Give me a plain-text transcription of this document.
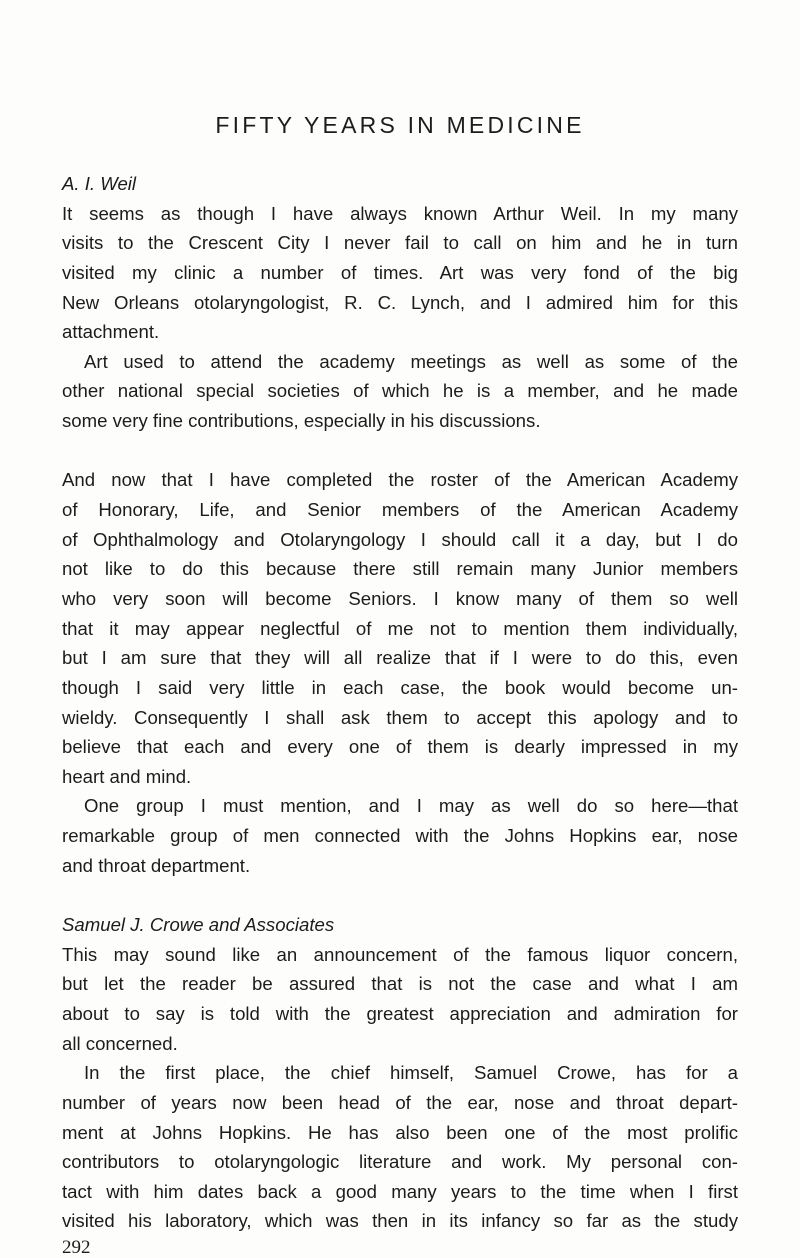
FIFTY YEARS IN MEDICINE
A. I. Weil
It seems as though I have always known Arthur Weil. In my many
visits to the Crescent City I never fail to call on him and he in turn
visited my clinic a number of times. Art was very fond of the big
New Orleans otolaryngologist, R. C. Lynch, and I admired him for this
attachment.
Art used to attend the academy meetings as well as some of the
other national special societies of which he is a member, and he made
some very fine contributions, especially in his discussions.
And now that I have completed the roster of the American Academy
of Honorary, Life, and Senior members of the American Academy
of Ophthalmology and Otolaryngology I should call it a day, but I do
not like to do this because there still remain many Junior members
who very soon will become Seniors. I know many of them so well
that it may appear neglectful of me not to mention them individually,
but I am sure that they will all realize that if I were to do this, even
though I said very little in each case, the book would become un-
wieldy. Consequently I shall ask them to accept this apology and to
believe that each and every one of them is dearly impressed in my
heart and mind.
One group I must mention, and I may as well do so here—that
remarkable group of men connected with the Johns Hopkins ear, nose
and throat department.
Samuel J. Crowe and Associates
This may sound like an announcement of the famous liquor concern,
but let the reader be assured that is not the case and what I am
about to say is told with the greatest appreciation and admiration for
all concerned.
In the first place, the chief himself, Samuel Crowe, has for a
number of years now been head of the ear, nose and throat depart-
ment at Johns Hopkins. He has also been one of the most prolific
contributors to otolaryngologic literature and work. My personal con-
tact with him dates back a good many years to the time when I first
visited his laboratory, which was then in its infancy so far as the study
292
